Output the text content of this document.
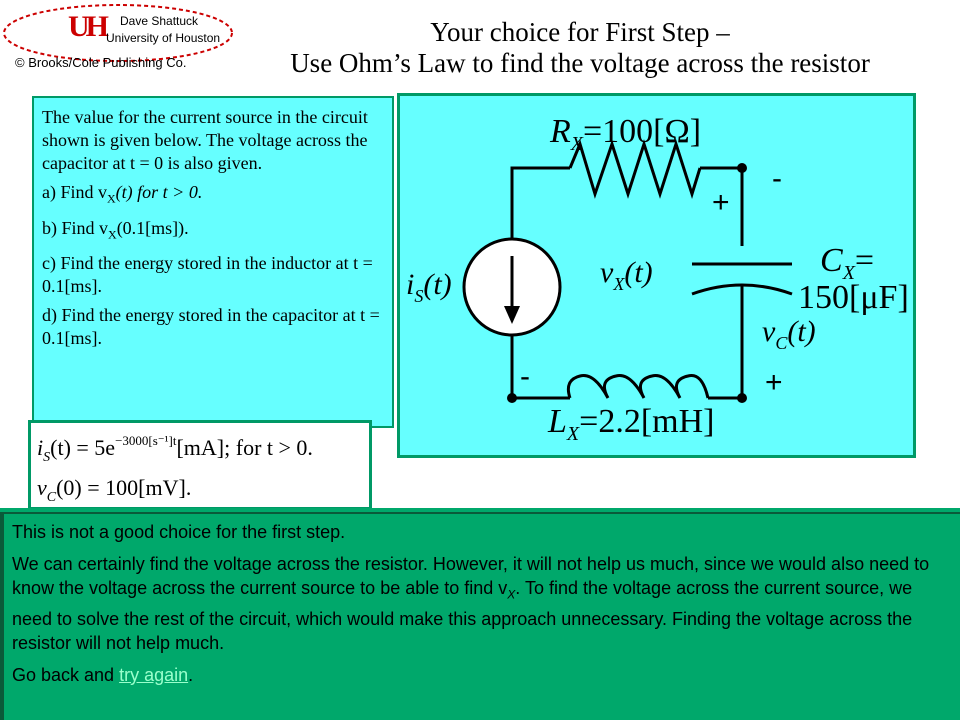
UH Dave Shattuck
University of Houston
© Brooks/Cole Publishing Co.
Your choice for First Step –
Use Ohm’s Law to find the voltage across the resistor

The value for the current source in the circuit shown is given below. The voltage across the capacitor at t = 0 is also given.

a) Find $v_X(t)$ for t > 0.

b) Find $v_X(0.1[ms])$.

c) Find the energy stored in the inductor at t = 0.1[ms].

d) Find the energy stored in the capacitor at t = 0.1[ms].

$R_X=100[\Omega]$
$C_X=$
150[μF]
$L_X=2.2[mH]$
$i_S(t)$	$v_X(t)$
$v_C(t)$
+
-
-	+
$i_S(t) = 5e^{-3000[s^{-1}]t}[mA]$; for t > 0.
$v_C(0) = 100[mV]$.

This is not a good choice for the first step.

We can certainly find the voltage across the resistor. However, it will not help us much, since we would also need to know the voltage across the current source to be able to find $v_X$. To find the voltage across the current source, we need to solve the rest of the circuit, which would make this approach unnecessary. Finding the voltage across the resistor will not help much.

Go back and try again.
